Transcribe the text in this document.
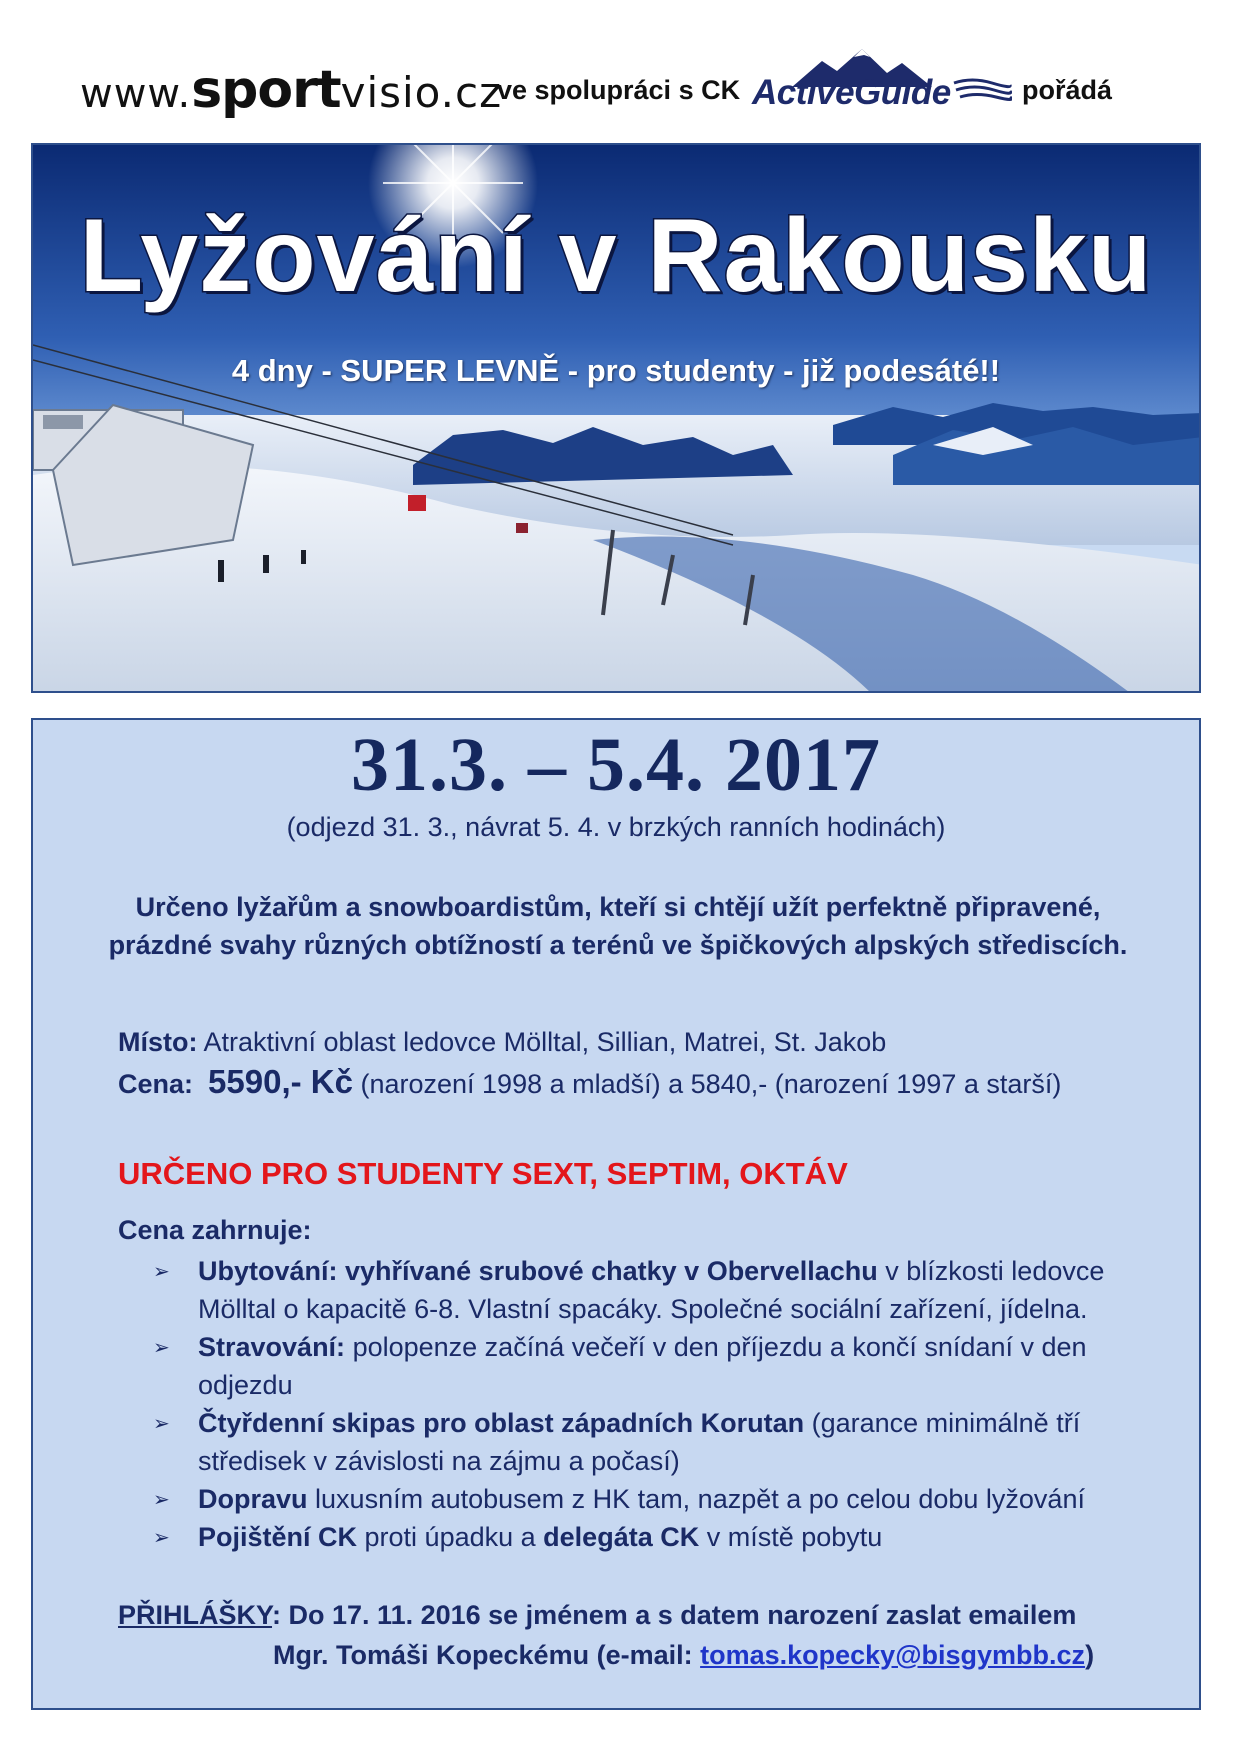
www.sportvisio.cz
ve spolupráci s CK ActiveGuide	pořádá
Lyžování v Rakousku
4 dny - SUPER LEVNĚ - pro studenty - již podesáté!!
31.3. – 5.4. 2017
(odjezd 31. 3., návrat 5. 4. v brzkých ranních hodinách)
Určeno lyžařům a snowboardistům, kteří si chtějí užít perfektně připravené,
prázdné svahy různých obtížností a terénů ve špičkových alpských střediscích.
Místo: Atraktivní oblast ledovce Mölltal, Sillian, Matrei, St. Jakob
Cena: 5590,- Kč (narození 1998 a mladší) a 5840,- (narození 1997 a starší)
URČENO PRO STUDENTY SEXT, SEPTIM, OKTÁV
Cena zahrnuje:
➢ Ubytování: vyhřívané srubové chatky v Obervellachu v blízkosti ledovce Mölltal o kapacitě 6-8. Vlastní spacáky. Společné sociální zařízení, jídelna.
➢ Stravování: polopenze začíná večeří v den příjezdu a končí snídaní v den odjezdu
➢ Čtyřdenní skipas pro oblast západních Korutan (garance minimálně tří středisek v závislosti na zájmu a počasí)
➢ Dopravu luxusním autobusem z HK tam, nazpět a po celou dobu lyžování
➢ Pojištění CK proti úpadku a delegáta CK v místě pobytu
PŘIHLÁŠKY: Do 17. 11. 2016 se jménem a s datem narození zaslat emailem
Mgr. Tomáši Kopeckému (e-mail: tomas.kopecky@bisgymbb.cz)
